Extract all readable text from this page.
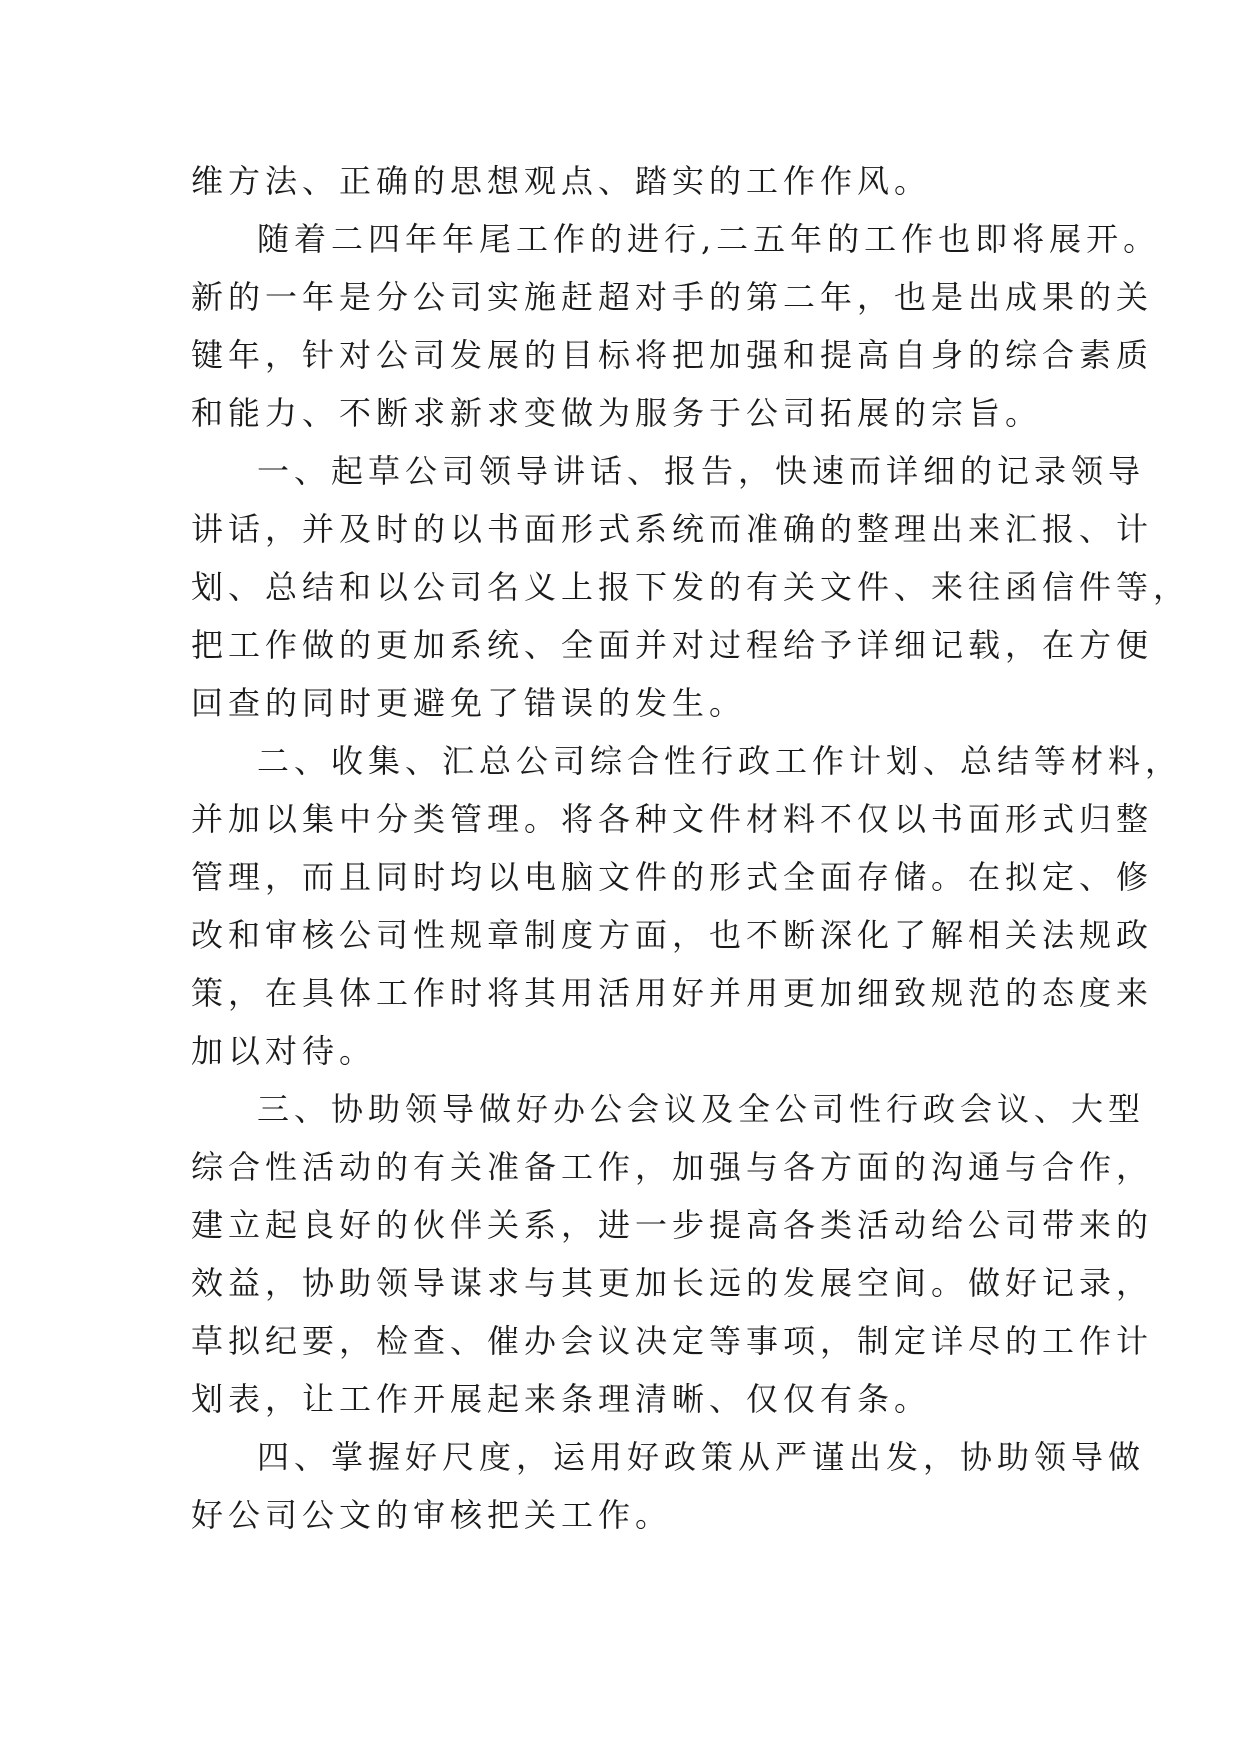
维方法、正确的思想观点、踏实的工作作风。
随着二四年年尾工作的进行,二五年的工作也即将展开。
新的一年是分公司实施赶超对手的第二年，也是出成果的关
键年，针对公司发展的目标将把加强和提高自身的综合素质
和能力、不断求新求变做为服务于公司拓展的宗旨。
一、起草公司领导讲话、报告，快速而详细的记录领导
讲话，并及时的以书面形式系统而准确的整理出来汇报、计
划、总结和以公司名义上报下发的有关文件、来往函信件等，
把工作做的更加系统、全面并对过程给予详细记载，在方便
回查的同时更避免了错误的发生。
二、收集、汇总公司综合性行政工作计划、总结等材料，
并加以集中分类管理。将各种文件材料不仅以书面形式归整
管理，而且同时均以电脑文件的形式全面存储。在拟定、修
改和审核公司性规章制度方面，也不断深化了解相关法规政
策，在具体工作时将其用活用好并用更加细致规范的态度来
加以对待。
三、协助领导做好办公会议及全公司性行政会议、大型
综合性活动的有关准备工作，加强与各方面的沟通与合作，
建立起良好的伙伴关系，进一步提高各类活动给公司带来的
效益，协助领导谋求与其更加长远的发展空间。做好记录，
草拟纪要，检查、催办会议决定等事项，制定详尽的工作计
划表，让工作开展起来条理清晰、仅仅有条。
四、掌握好尺度，运用好政策从严谨出发，协助领导做
好公司公文的审核把关工作。
